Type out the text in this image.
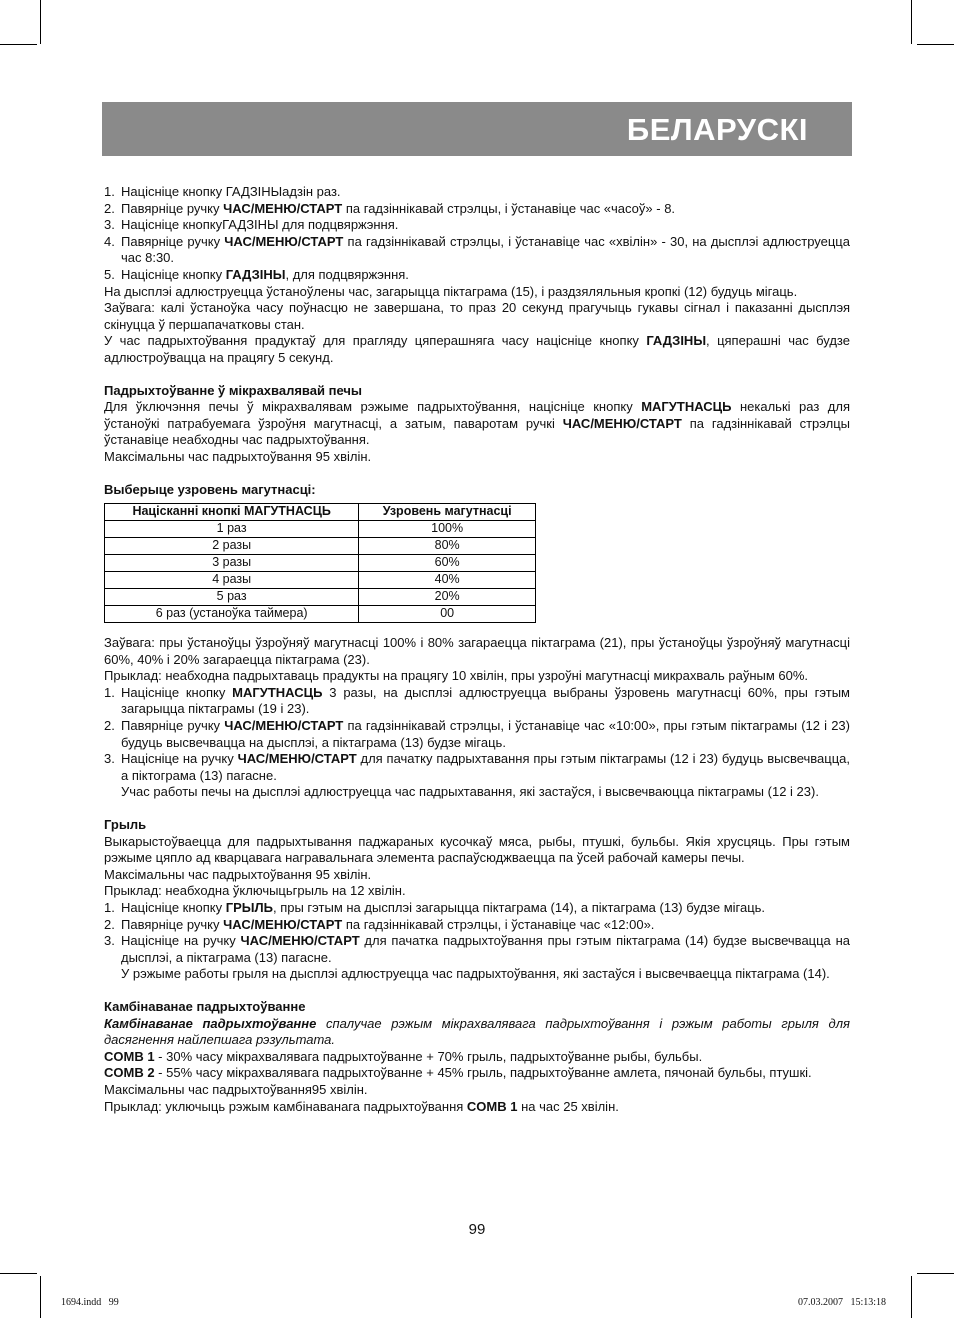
БЕЛАРУСКІ
1. Націсніце кнопку ГАДЗІНЫадзін раз.
2. Павярніце ручку ЧАС/МЕНЮ/СТАРТ па гадзіннікавай стрэлцы, і ўстанавіце час «часоў» - 8.
3. Націсніце кнопкуГАДЗІНЫ для подцвяржэння.
4. Павярніце ручку ЧАС/МЕНЮ/СТАРТ па гадзіннікавай стрэлцы, і ўстанавіце час «хвілін» - 30, на дысплэі адлюструецца час 8:30.
5. Націсніце кнопку ГАДЗІНЫ, для подцвяржэння.

На дысплэі адлюструецца ўстаноўлены час, загарыцца піктаграма (15), і раздзяляльныя кропкі (12) будуць мігаць.

Заўвага: калі ўстаноўка часу поўнасцю не завершана, то праз 20 секунд прагучыць гукавы сігнал і паказанні дысплэя скінуцца ў першапачатковы стан.

У час падрыхтоўвання прадуктаў для прагляду цяперашняга часу націсніце кнопку ГАДЗІНЫ, цяперашні час будзе адлюстроўвацца на працягу 5 секунд.

Падрыхтоўванне ў мікрахвалявай печы

Для ўключэння печы ў мікрахвалявам рэжыме падрыхтоўвання, націсніце кнопку МАГУТНАСЦЬ некалькі раз для ўстаноўкі патрабуемага ўзроўня магутнасці, а затым, паваротам ручкі ЧАС/МЕНЮ/СТАРТ па гадзіннікавай стрэлцы ўстанавіце неабходны час падрыхтоўвання.

Максімальны час падрыхтоўвання 95 хвілін.

Выберыце узровень магутнасці:
Націсканні кнопкі МАГУТНАСЦЬ	Узровень магутнасці
1 раз	100%
2 разы	80%
3 разы	60%
4 разы	40%
5 раз	20%
6 раз (устаноўка таймера)	00

Заўвага: пры ўстаноўцы ўзроўняў магутнасці 100% і 80% загараецца піктаграма (21), пры ўстаноўцы ўзроўняў магутнасці 60%, 40% і 20% загараецца піктаграма (23).

Прыклад: неабходна падрыхтаваць прадукты на працягу 10 хвілін, пры узроўні магутнасці микрахваль раўным 60%.

1. Націсніце кнопку МАГУТНАСЦЬ 3 разы, на дысплэі адлюструецца выбраны ўзровень магутнасці 60%, пры гэтым загарыцца піктаграмы (19 і 23).
2. Павярніце ручку ЧАС/МЕНЮ/СТАРТ па гадзіннікавай стрэлцы, і ўстанавіце час «10:00», пры гэтым піктаграмы (12 і 23) будуць высвечвацца на дысплэі, а піктаграма (13) будзе мігаць.
3. Націсніце на ручку ЧАС/МЕНЮ/СТАРТ для пачатку падрыхтавання пры гэтым піктаграмы (12 і 23) будуць высвечвацца, а піктограма (13) пагасне.
Учас работы печы на дысплэі адлюструецца час падрыхтавання, які застаўся, і высвечваюцца піктаграмы (12 і 23).
Грыль

Выкарыстоўваецца для падрыхтывання паджараных кусочкаў мяса, рыбы, птушкі, бульбы. Якія хрусцяць. Пры гэтым рэжыме цяпло ад кварцавага награвальнага элемента распаўсюджваецца па ўсей рабочай камеры печы.

Максімальны час падрыхтоўвання 95 хвілін.

Прыклад: неабходна ўключыцьгрыль на 12 хвілін.

1. Націсніце кнопку ГРЫЛЬ, пры гэтым на дысплэі загарыцца піктаграма (14), а піктаграма (13) будзе мігаць.
2. Павярніце ручку ЧАС/МЕНЮ/СТАРТ па гадзіннікавай стрэлцы, і ўстанавіце час «12:00».
3. Націсніце на ручку ЧАС/МЕНЮ/СТАРТ для пачатка падрыхтоўвання пры гэтым піктаграма (14) будзе высвечвацца на дысплэі, а піктаграма (13) пагасне.
У рэжыме работы грыля на дысплэі адлюструецца час падрыхтоўвання, які застаўся і высвечваецца піктаграма (14).
Камбінаванае падрыхтоўванне

Камбінаванае падрыхтоўванне спалучае рэжым мікрахвалявага падрыхтоўвання і рэжым работы грыля для дасягнення найлепшага рэзультата.

COMB 1 - 30% часу мікрахвалявага падрыхтоўванне + 70% грыль, падрыхтоўванне рыбы, бульбы.

COMB 2 - 55% часу мікрахвалявага падрыхтоўванне + 45% грыль, падрыхтоўванне амлета, пячонай бульбы, птушкі.

Максімальны час падрыхтоўвання95 хвілін.

Прыклад: уключыць рэжым камбінаванага падрыхтоўвання COMB 1 на час 25 хвілін.

99
1694.indd   99	07.03.2007   15:13:18
